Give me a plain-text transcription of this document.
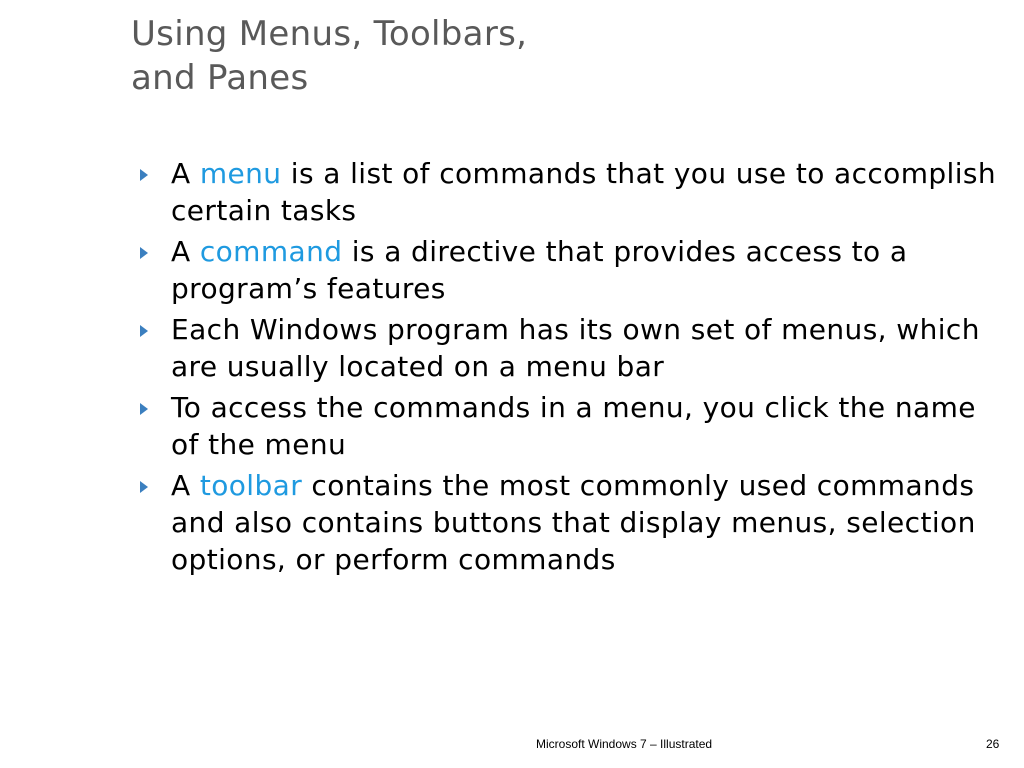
Using Menus, Toolbars,
and Panes
A menu is a list of commands that you use to accomplish certain tasks
A command is a directive that provides access to a program’s features
Each Windows program has its own set of menus, which are usually located on a menu bar
To access the commands in a menu, you click the name of the menu
A toolbar contains the most commonly used commands and also contains buttons that display menus, selection options, or perform commands
Microsoft Windows 7 – Illustrated	26
